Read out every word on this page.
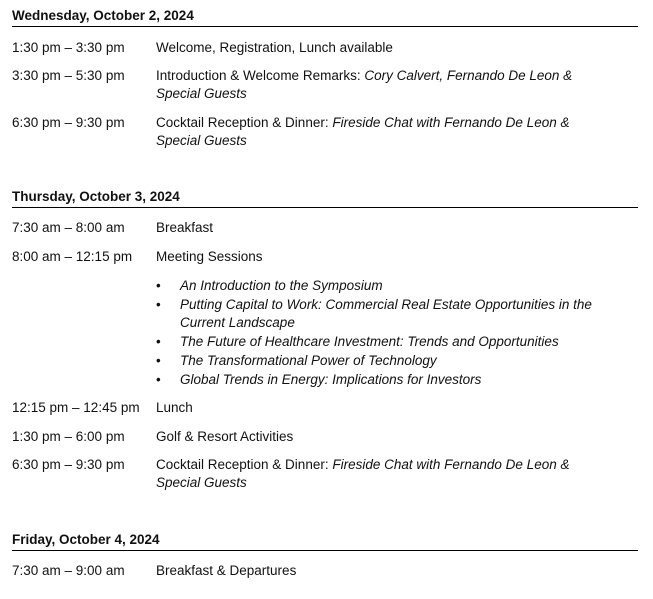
Wednesday, October 2, 2024
1:30 pm – 3:30 pm Welcome, Registration, Lunch available
3:30 pm – 5:30 pm Introduction & Welcome Remarks: Cory Calvert, Fernando De Leon & Special Guests
6:30 pm – 9:30 pm Cocktail Reception & Dinner: Fireside Chat with Fernando De Leon & Special Guests
Thursday, October 3, 2024
7:30 am – 8:00 am Breakfast
8:00 am – 12:15 pm Meeting Sessions
• An Introduction to the Symposium
• Putting Capital to Work: Commercial Real Estate Opportunities in the Current Landscape
• The Future of Healthcare Investment: Trends and Opportunities
• The Transformational Power of Technology
• Global Trends in Energy: Implications for Investors
12:15 pm – 12:45 pm Lunch
1:30 pm – 6:00 pm Golf & Resort Activities
6:30 pm – 9:30 pm Cocktail Reception & Dinner: Fireside Chat with Fernando De Leon & Special Guests
Friday, October 4, 2024
7:30 am – 9:00 am Breakfast & Departures
